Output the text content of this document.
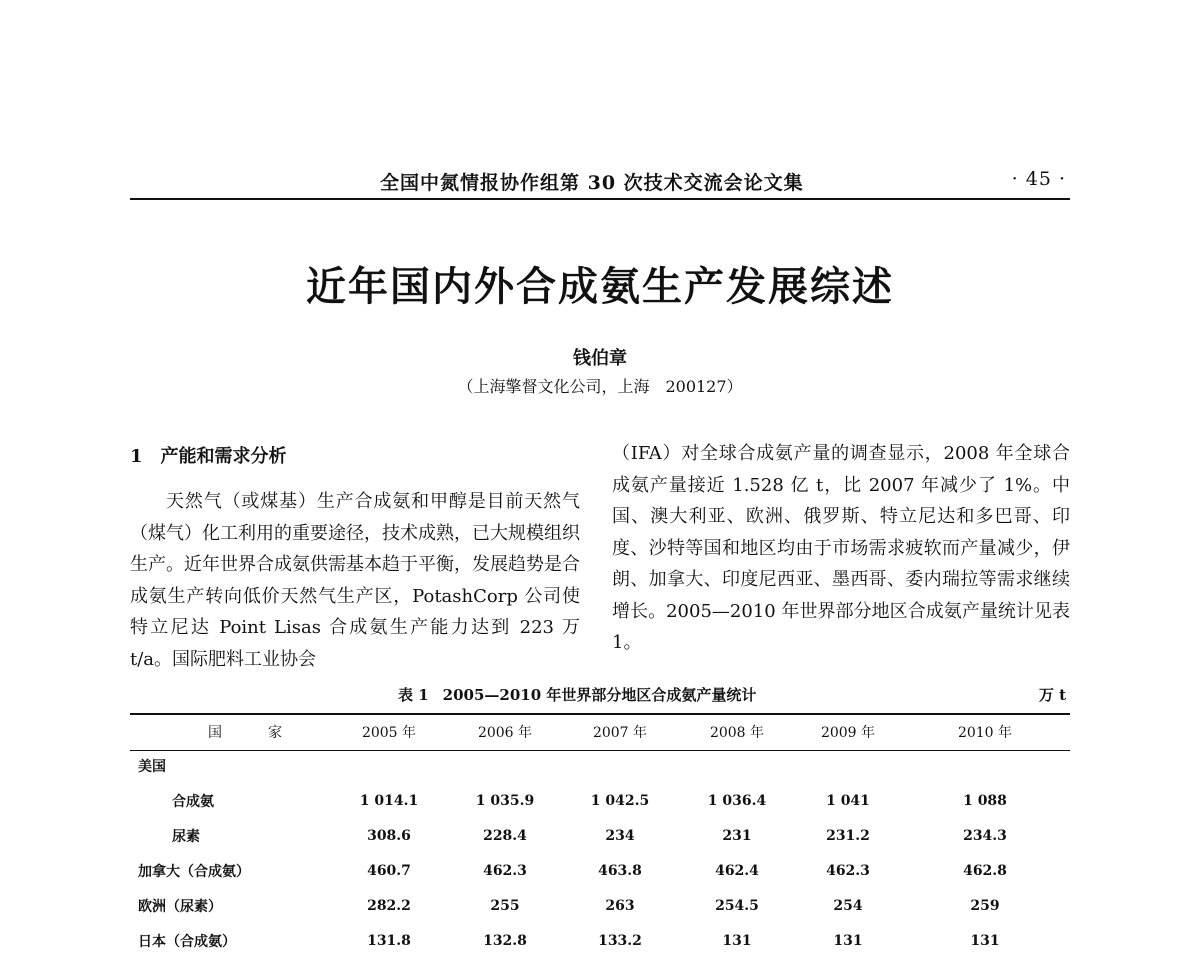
全国中氮情报协作组第 30 次技术交流会论文集	· 45 ·
近年国内外合成氨生产发展综述
钱伯章
（上海擎督文化公司，上海　200127）
1 产能和需求分析
天然气（或煤基）生产合成氨和甲醇是目前天然气（煤气）化工利用的重要途径，技术成熟，已大规模组织生产。近年世界合成氨供需基本趋于平衡，发展趋势是合成氨生产转向低价天然气生产区，PotashCorp 公司使特立尼达 Point Lisas 合成氨生产能力达到 223 万 t/a。国际肥料工业协会
（IFA）对全球合成氨产量的调查显示，2008 年全球合成氨产量接近 1.528 亿 t，比 2007 年减少了 1%。中国、澳大利亚、欧洲、俄罗斯、特立尼达和多巴哥、印度、沙特等国和地区均由于市场需求疲软而产量减少，伊朗、加拿大、印度尼西亚、墨西哥、委内瑞拉等需求继续增长。2005—2010 年世界部分地区合成氨产量统计见表 1。
表 1 2005—2010 年世界部分地区合成氨产量统计	万 t
国　家	2005 年	2006 年	2007 年	2008 年	2009 年	2010 年
美国						
合成氨	1 014.1	1 035.9	1 042.5	1 036.4	1 041	1 088
尿素	308.6	228.4	234	231	231.2	234.3
加拿大（合成氨）	460.7	462.3	463.8	462.4	462.3	462.8
欧洲（尿素）	282.2	255	263	254.5	254	259
日本（合成氨）	131.8	132.8	133.2	131	131	131
